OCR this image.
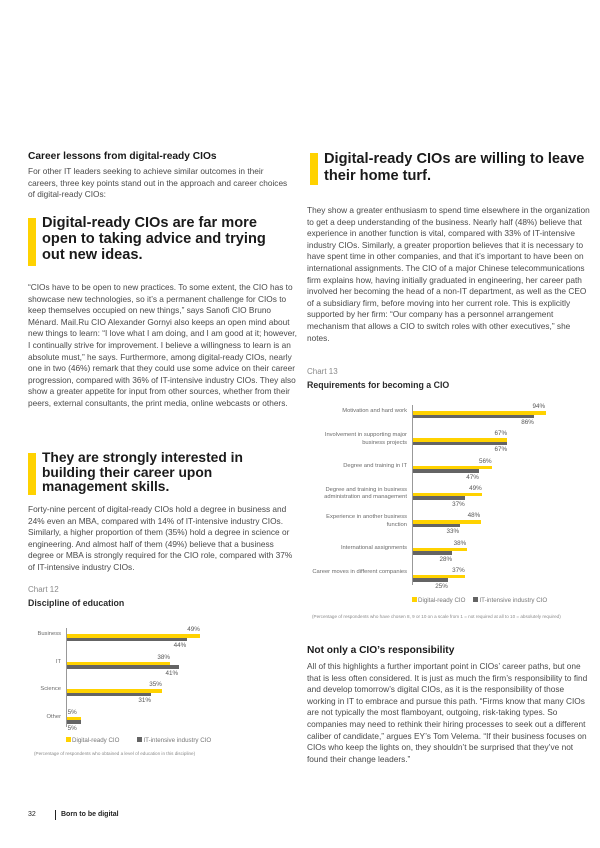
Career lessons from digital-ready CIOs
For other IT leaders seeking to achieve similar outcomes in their careers, three key points stand out in the approach and career choices of digital-ready CIOs:
Digital-ready CIOs are far more open to taking advice and trying out new ideas.
“CIOs have to be open to new practices. To some extent, the CIO has to showcase new technologies, so it’s a permanent challenge for CIOs to keep themselves occupied on new things,” says Sanofi CIO Bruno Ménard. Mail.Ru CIO Alexander Gornyi also keeps an open mind about new things to learn: “I love what I am doing, and I am good at it; however, I continually strive for improvement. I believe a willingness to learn is an absolute must,” he says. Furthermore, among digital-ready CIOs, nearly one in two (46%) remark that they could use some advice on their career progression, compared with 36% of IT-intensive industry CIOs. They also show a greater appetite for input from other sources, whether from their peers, external consultants, the print media, online webcasts or others.
They are strongly interested in building their career upon management skills.
Forty-nine percent of digital-ready CIOs hold a degree in business and 24% even an MBA, compared with 14% of IT-intensive industry CIOs. Similarly, a higher proportion of them (35%) hold a degree in science or engineering. And almost half of them (49%) believe that a business degree or MBA is strongly required for the CIO role, compared with 37% of IT-intensive industry CIOs.
Chart 12
Discipline of education
Business
49%
44%
IT
38%
41%
Science
35%
31%
Other
5%
5%
Digital-ready CIO	IT-intensive industry CIO
(Percentage of respondents who obtained a level of education in this discipline)
Digital-ready CIOs are willing to leave their home turf.
They show a greater enthusiasm to spend time elsewhere in the organization to get a deep understanding of the business. Nearly half (48%) believe that experience in another function is vital, compared with 33% of IT-intensive industry CIOs. Similarly, a greater proportion believes that it is necessary to have spent time in other companies, and that it’s important to have been on international assignments. The CIO of a major Chinese telecommunications firm explains how, having initially graduated in engineering, her career path involved her becoming the head of a non-IT department, as well as the CEO of a subsidiary firm, before moving into her current role. This is explicitly supported by her firm: “Our company has a personnel arrangement mechanism that allows a CIO to switch roles with other executives,” she notes.
Chart 13
Requirements for becoming a CIO
Motivation and hard work
94%
86%
Involvement in supporting major business projects
67%
67%
Degree and training in IT
56%
47%
Degree and training in business administration and management
49%
37%
Experience in another business function
48%
33%
International assignments
38%
28%
Career moves in different companies	37%
25%
Digital-ready CIO	IT-intensive industry CIO
(Percentage of respondents who have chosen 8, 9 or 10 on a scale from 1 = not required at all to 10 = absolutely required)
Not only a CIO’s responsibility
All of this highlights a further important point in CIOs’ career paths, but one that is less often considered. It is just as much the firm’s responsibility to find and develop tomorrow’s digital CIOs, as it is the responsibility of those working in IT to embrace and pursue this path. “Firms know that many CIOs are not typically the most flamboyant, outgoing, risk-taking types. So companies may need to rethink their hiring processes to seek out a different caliber of candidate,” argues EY’s Tom Velema. “If their business focuses on CIOs who keep the lights on, they shouldn’t be surprised that they’ve not found their change leaders.”
32	Born to be digital
